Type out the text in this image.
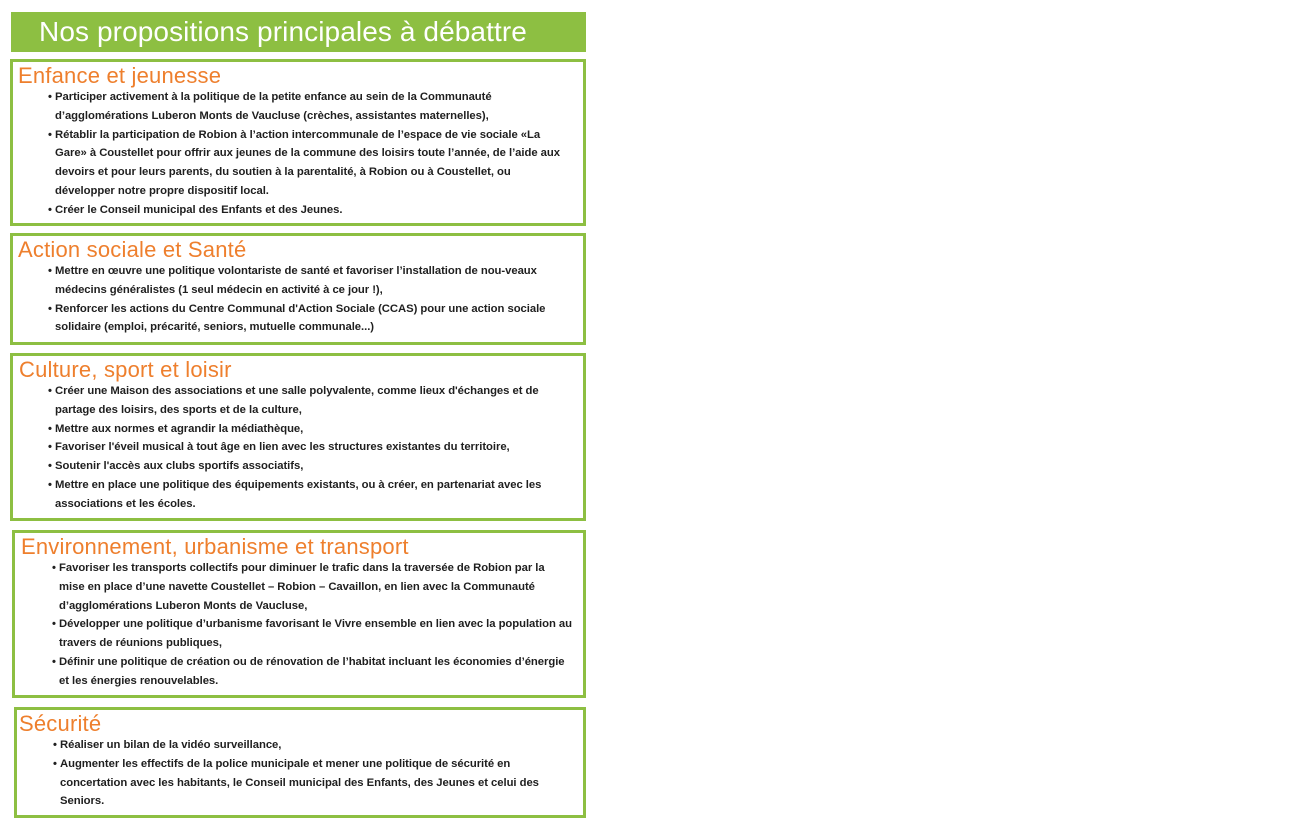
Nos propositions principales à débattre
Enfance et jeunesse
• Participer activement à la politique de la petite enfance au sein de la Communauté d’agglomérations Luberon Monts de Vaucluse (crèches, assistantes maternelles),
• Rétablir la participation de Robion à l’action intercommunale de l’espace de vie sociale «La Gare» à Coustellet pour offrir aux jeunes de la commune des loisirs toute l’année, de l’aide aux devoirs et pour leurs parents, du soutien à la parentalité, à Robion ou à Coustellet, ou développer notre propre dispositif local.
• Créer le Conseil municipal des Enfants et des Jeunes.
Action sociale et Santé
• Mettre en œuvre une politique volontariste de santé et favoriser l’installation de nou-veaux médecins généralistes (1 seul médecin en activité à ce jour !),
• Renforcer les actions du Centre Communal d'Action Sociale (CCAS) pour une action sociale solidaire (emploi, précarité, seniors, mutuelle communale...)
Culture, sport et loisir
• Créer une Maison des associations et une salle polyvalente, comme lieux d'échanges et de partage des loisirs, des sports et de la culture,
• Mettre aux normes et agrandir la médiathèque,
• Favoriser l'éveil musical à tout âge en lien avec les structures existantes du territoire,
• Soutenir l'accès aux clubs sportifs associatifs,
• Mettre en place une politique des équipements existants, ou à créer, en partenariat avec les associations et les écoles.
Environnement, urbanisme et transport
• Favoriser les transports collectifs pour diminuer le trafic dans la traversée de Robion par la mise en place d’une navette Coustellet – Robion – Cavaillon, en lien avec la Communauté d’agglomérations Luberon Monts de Vaucluse,
• Développer une politique d’urbanisme favorisant le Vivre ensemble en lien avec la population au travers de réunions publiques,
• Définir une politique de création ou de rénovation de l’habitat incluant les économies d’énergie et les énergies renouvelables.
Sécurité
• Réaliser un bilan de la vidéo surveillance,
• Augmenter les effectifs de la police municipale et mener une politique de sécurité en concertation avec les habitants, le Conseil municipal des Enfants, des Jeunes et celui des Seniors.
